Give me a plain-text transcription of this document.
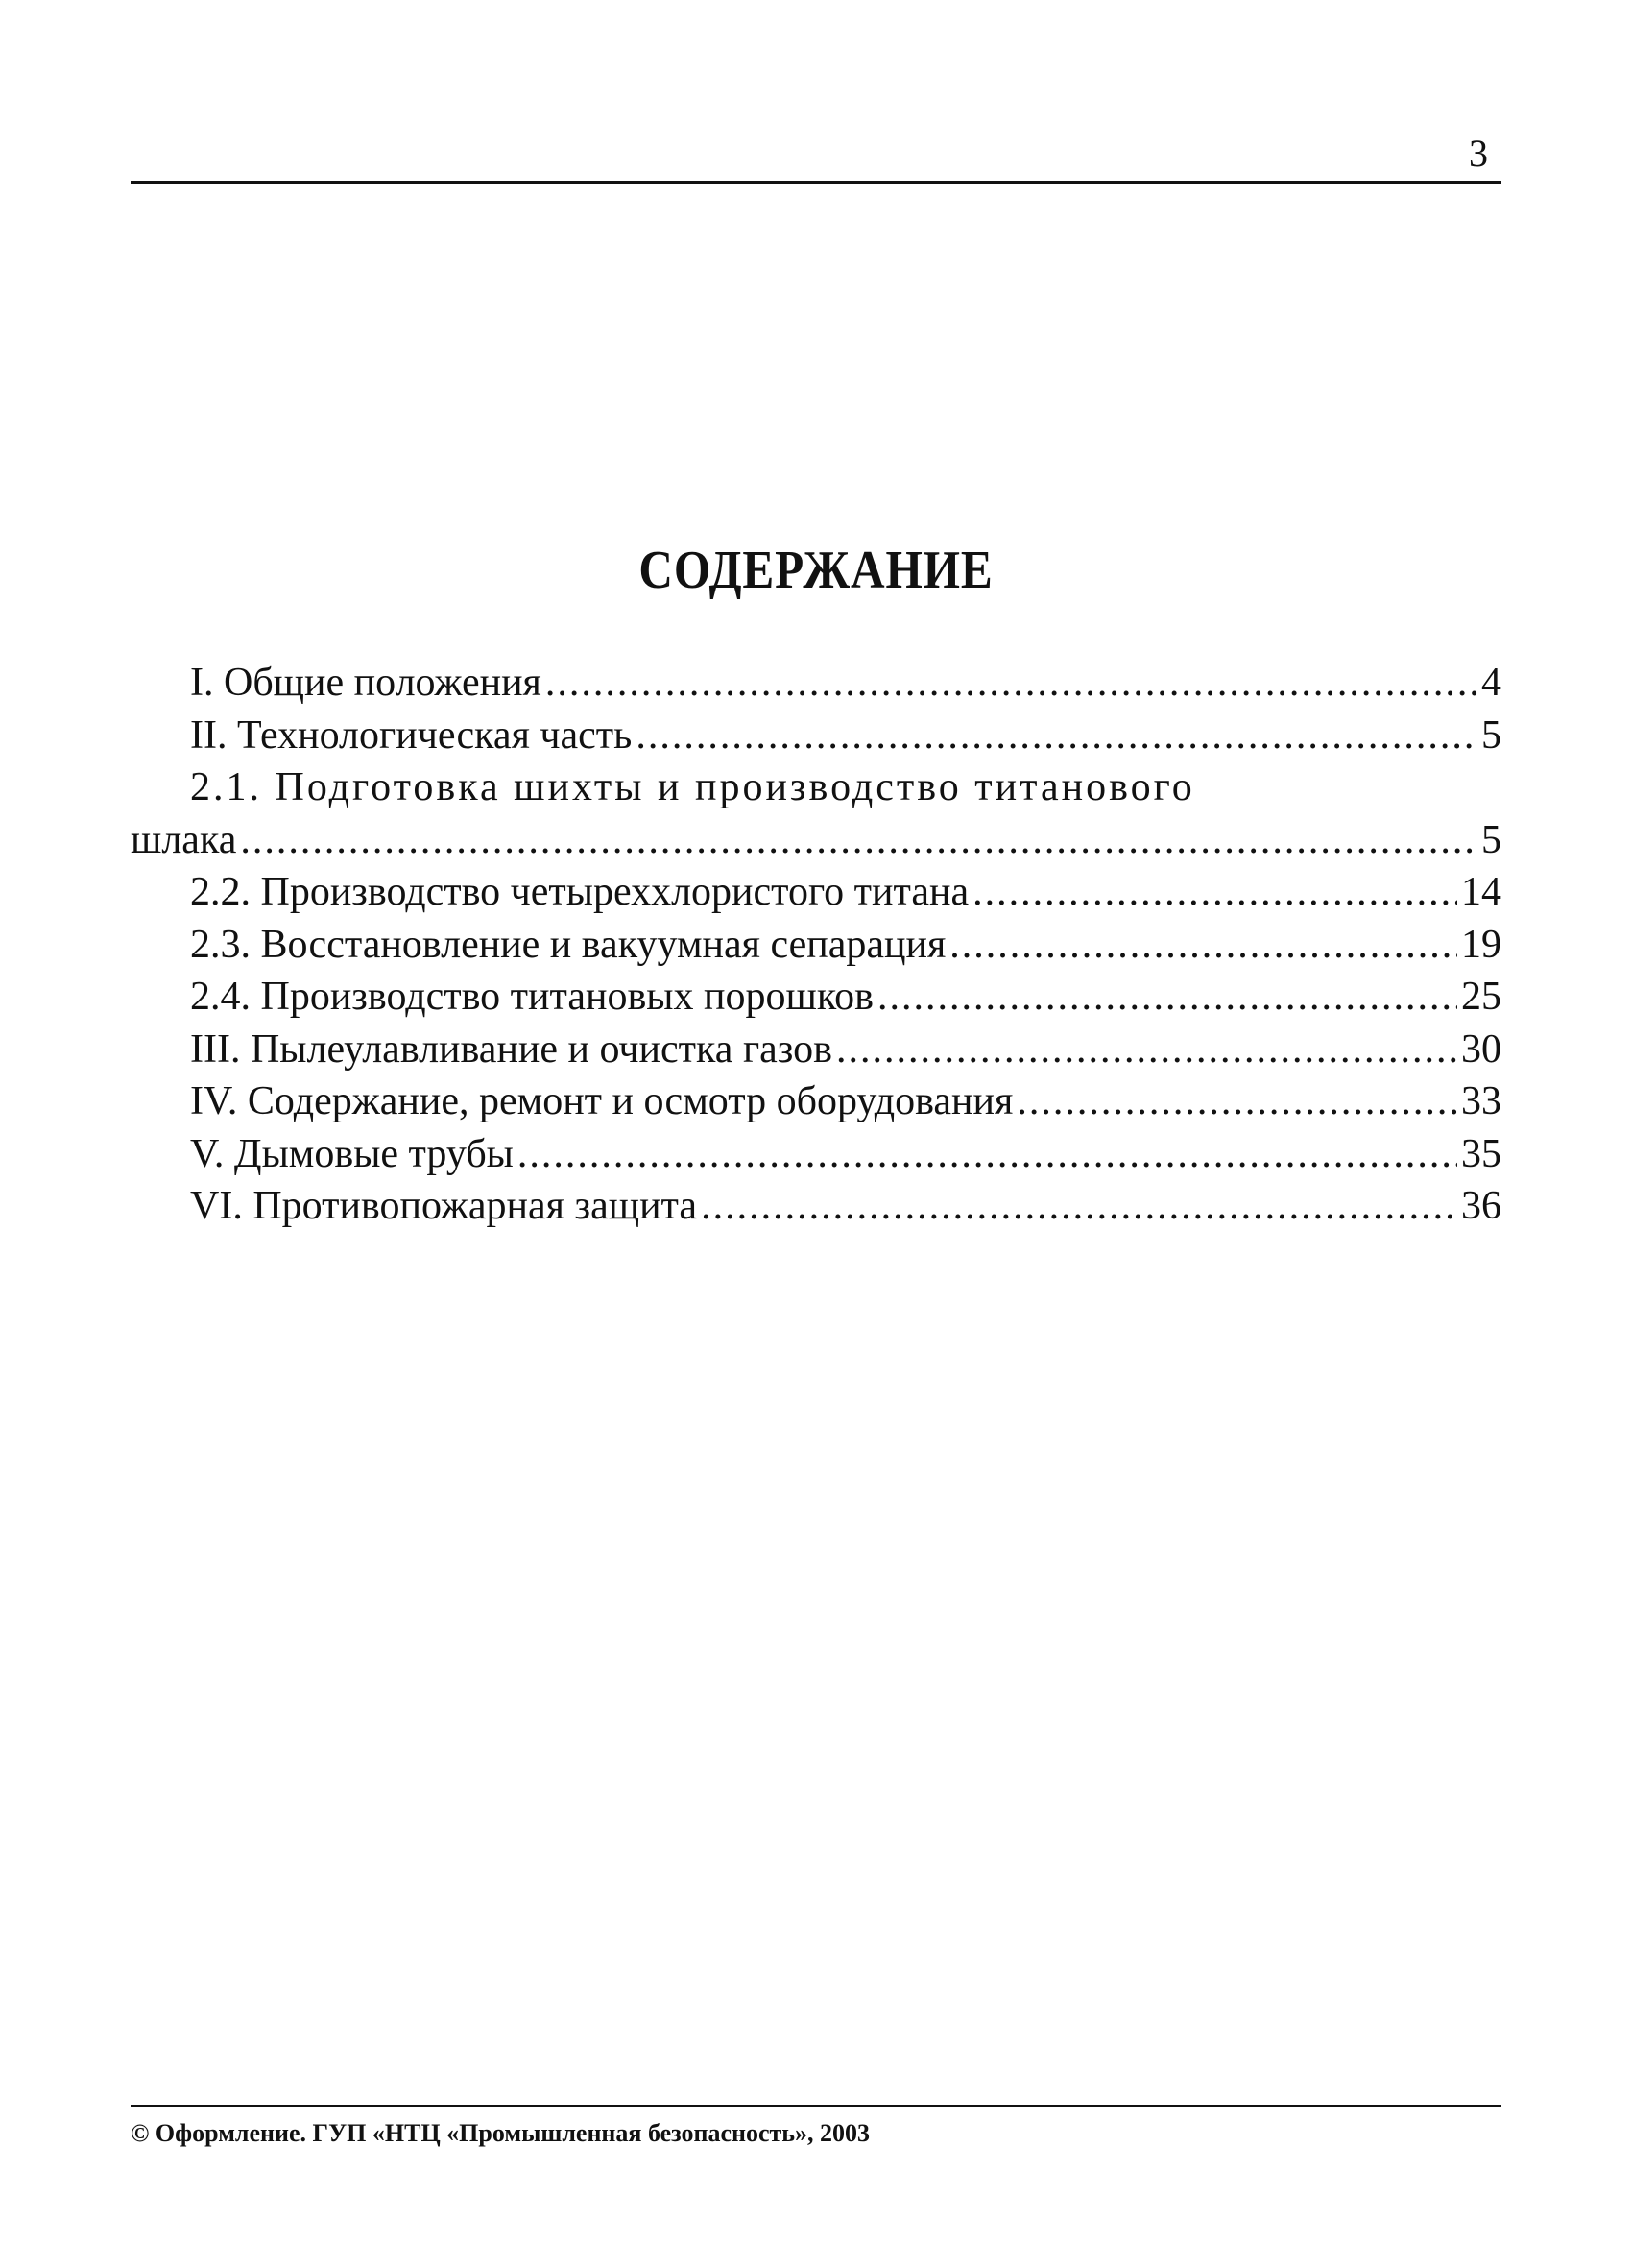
3
СОДЕРЖАНИЕ
I. Общие положения .....	4
II. Технологическая часть .....	5
2.1. Подготовка шихты и производство титанового
шлака .....	5
2.2. Производство четыреххлористого титана .....	14
2.3. Восстановление и вакуумная сепарация .....	19
2.4. Производство титановых порошков .....	25
III. Пылеулавливание и очистка газов .....	30
IV. Содержание, ремонт и осмотр оборудования .....	33
V. Дымовые трубы .....	35
VI. Противопожарная защита .....	36
© Оформление. ГУП «НТЦ «Промышленная безопасность», 2003
